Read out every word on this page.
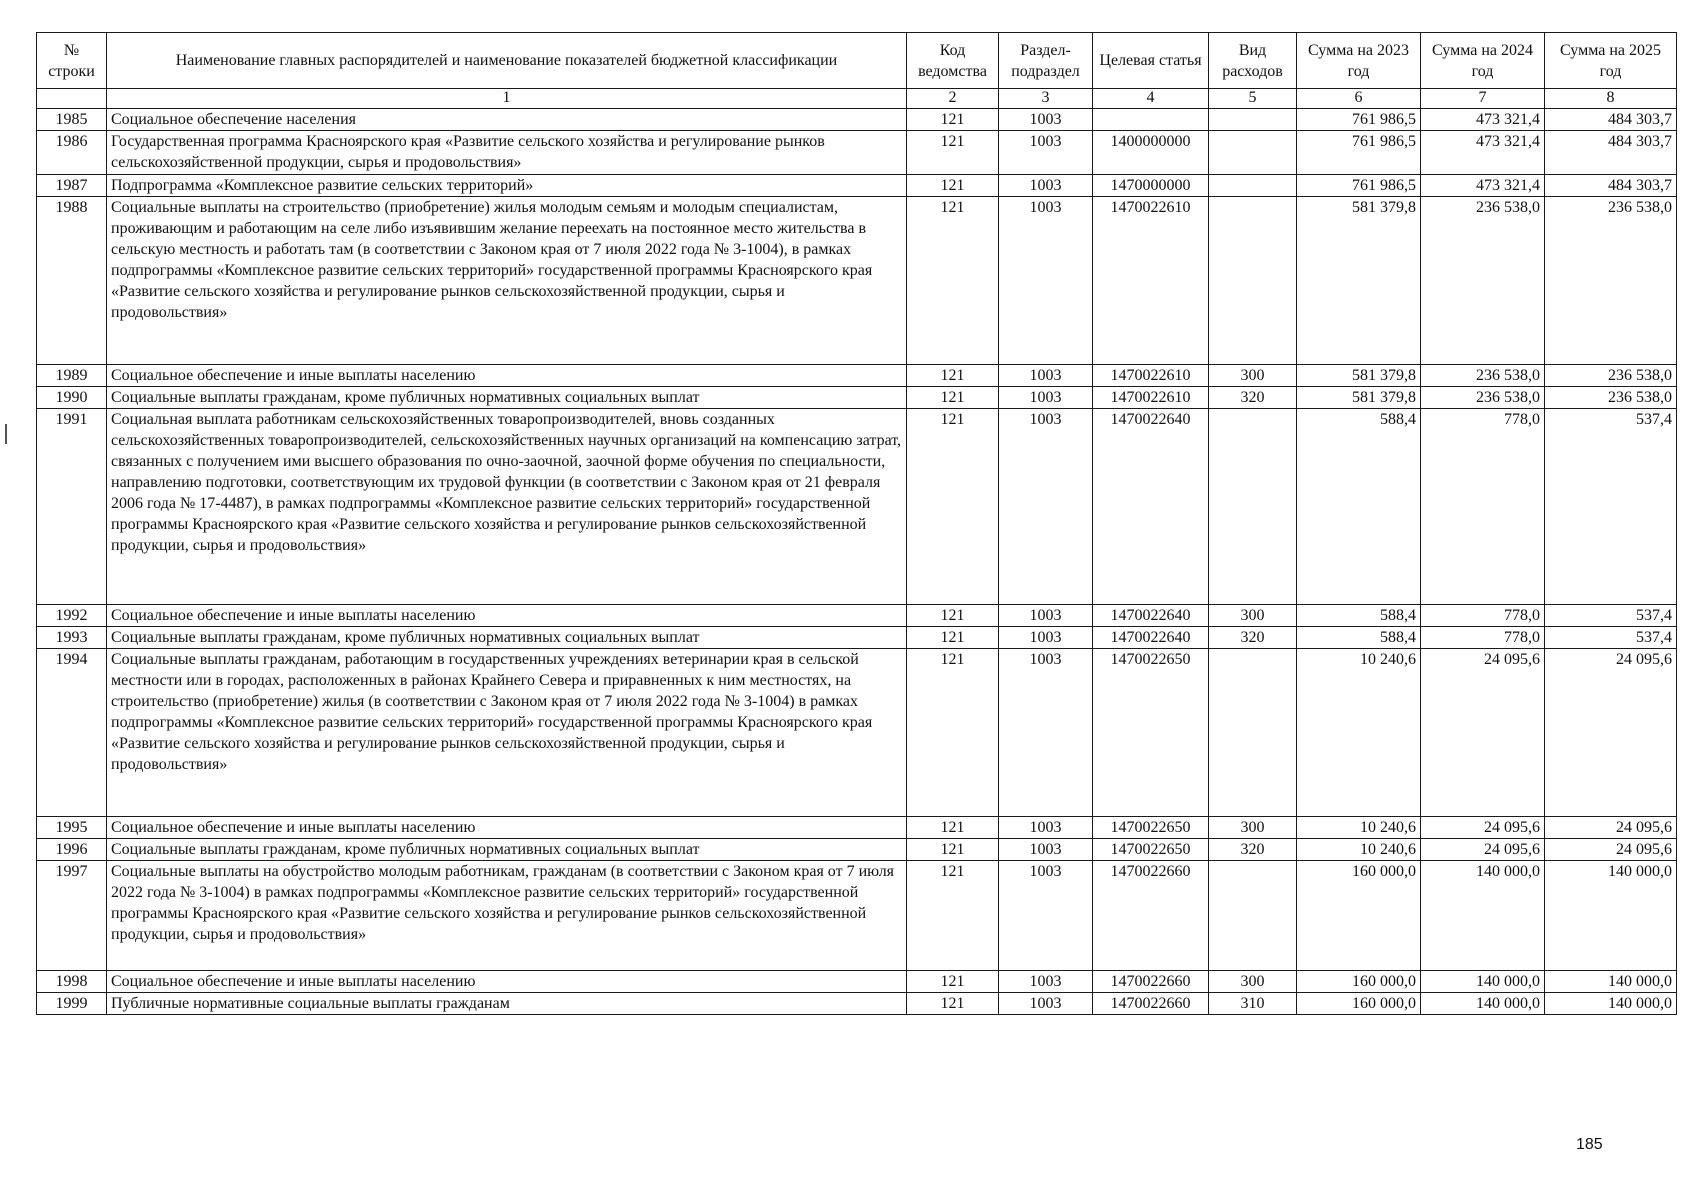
№ строки	Наименование главных распорядителей и наименование показателей бюджетной классификации	Код ведомства	Раздел-подраздел	Целевая статья	Вид расходов	Сумма на 2023 год	Сумма на 2024 год	Сумма на 2025 год
	1	2	3	4	5	6	7	8
1985	Социальное обеспечение населения	121	1003			761 986,5	473 321,4	484 303,7
1986	Государственная программа Красноярского края «Развитие сельского хозяйства и регулирование рынков сельскохозяйственной продукции, сырья и продовольствия»	121	1003	1400000000		761 986,5	473 321,4	484 303,7
1987	Подпрограмма «Комплексное развитие сельских территорий»	121	1003	1470000000		761 986,5	473 321,4	484 303,7
1988	Социальные выплаты на строительство (приобретение) жилья молодым семьям и молодым специалистам, проживающим и работающим на селе либо изъявившим желание переехать на постоянное место жительства в сельскую местность и работать там (в соответствии с Законом края от 7 июля 2022 года № 3-1004), в рамках подпрограммы «Комплексное развитие сельских территорий» государственной программы Красноярского края «Развитие сельского хозяйства и регулирование рынков сельскохозяйственной продукции, сырья и продовольствия»	121	1003	1470022610		581 379,8	236 538,0	236 538,0
1989	Социальное обеспечение и иные выплаты населению	121	1003	1470022610	300	581 379,8	236 538,0	236 538,0
1990	Социальные выплаты гражданам, кроме публичных нормативных социальных выплат	121	1003	1470022610	320	581 379,8	236 538,0	236 538,0
1991	Социальная выплата работникам сельскохозяйственных товаропроизводителей, вновь созданных сельскохозяйственных товаропроизводителей, сельскохозяйственных научных организаций на компенсацию затрат, связанных с получением ими высшего образования по очно-заочной, заочной форме обучения по специальности, направлению подготовки, соответствующим их трудовой функции (в соответствии с Законом края от 21 февраля 2006 года № 17-4487), в рамках подпрограммы «Комплексное развитие сельских территорий» государственной программы Красноярского края «Развитие сельского хозяйства и регулирование рынков сельскохозяйственной продукции, сырья и продовольствия»	121	1003	1470022640		588,4	778,0	537,4
1992	Социальное обеспечение и иные выплаты населению	121	1003	1470022640	300	588,4	778,0	537,4
1993	Социальные выплаты гражданам, кроме публичных нормативных социальных выплат	121	1003	1470022640	320	588,4	778,0	537,4
1994	Социальные выплаты гражданам, работающим в государственных учреждениях ветеринарии края в сельской местности или в городах, расположенных в районах Крайнего Севера и приравненных к ним местностях, на строительство (приобретение) жилья (в соответствии с Законом края от 7 июля 2022 года № 3-1004) в рамках подпрограммы «Комплексное развитие сельских территорий» государственной программы Красноярского края «Развитие сельского хозяйства и регулирование рынков сельскохозяйственной продукции, сырья и продовольствия»	121	1003	1470022650		10 240,6	24 095,6	24 095,6
1995	Социальное обеспечение и иные выплаты населению	121	1003	1470022650	300	10 240,6	24 095,6	24 095,6
1996	Социальные выплаты гражданам, кроме публичных нормативных социальных выплат	121	1003	1470022650	320	10 240,6	24 095,6	24 095,6
1997	Социальные выплаты на обустройство молодым работникам, гражданам (в соответствии с Законом края от 7 июля 2022 года № 3-1004) в рамках подпрограммы «Комплексное развитие сельских территорий» государственной программы Красноярского края «Развитие сельского хозяйства и регулирование рынков сельскохозяйственной продукции, сырья и продовольствия»	121	1003	1470022660		160 000,0	140 000,0	140 000,0
1998	Социальное обеспечение и иные выплаты населению	121	1003	1470022660	300	160 000,0	140 000,0	140 000,0
1999	Публичные нормативные социальные выплаты гражданам	121	1003	1470022660	310	160 000,0	140 000,0	140 000,0
185
